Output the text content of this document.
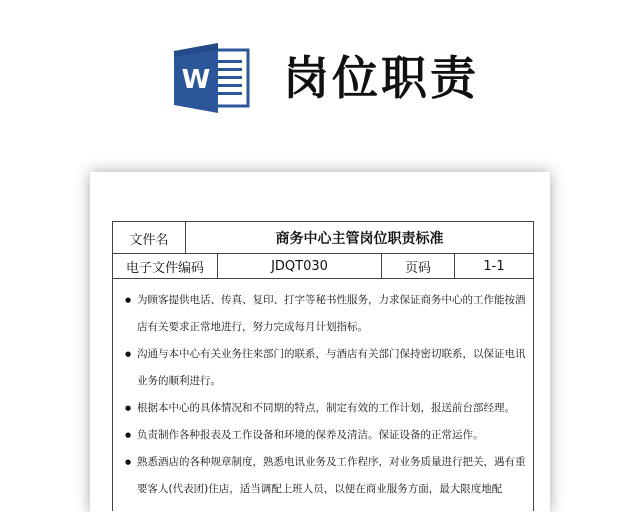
W 岗位职责
文件名	商务中心主管岗位职责标准
电子文件编码	JDQT030	页码	1-1

● 为顾客提供电话、传真、复印、打字等秘书性服务，力求保证商务中心的工作能按酒店有关要求正常地进行，努力完成每月计划指标。

● 沟通与本中心有关业务往来部门的联系，与酒店有关部门保持密切联系，以保证电讯业务的顺利进行。

● 根据本中心的具体情况和不同期的特点，制定有效的工作计划，报送前台部经理。

● 负责制作各种报表及工作设备和环境的保养及清洁。保证设备的正常运作。

● 熟悉酒店的各种规章制度，熟悉电讯业务及工作程序，对业务质量进行把关，遇有重要客人(代表团)住店，适当调配上班人员，以便在商业服务方面，最大限度地配
